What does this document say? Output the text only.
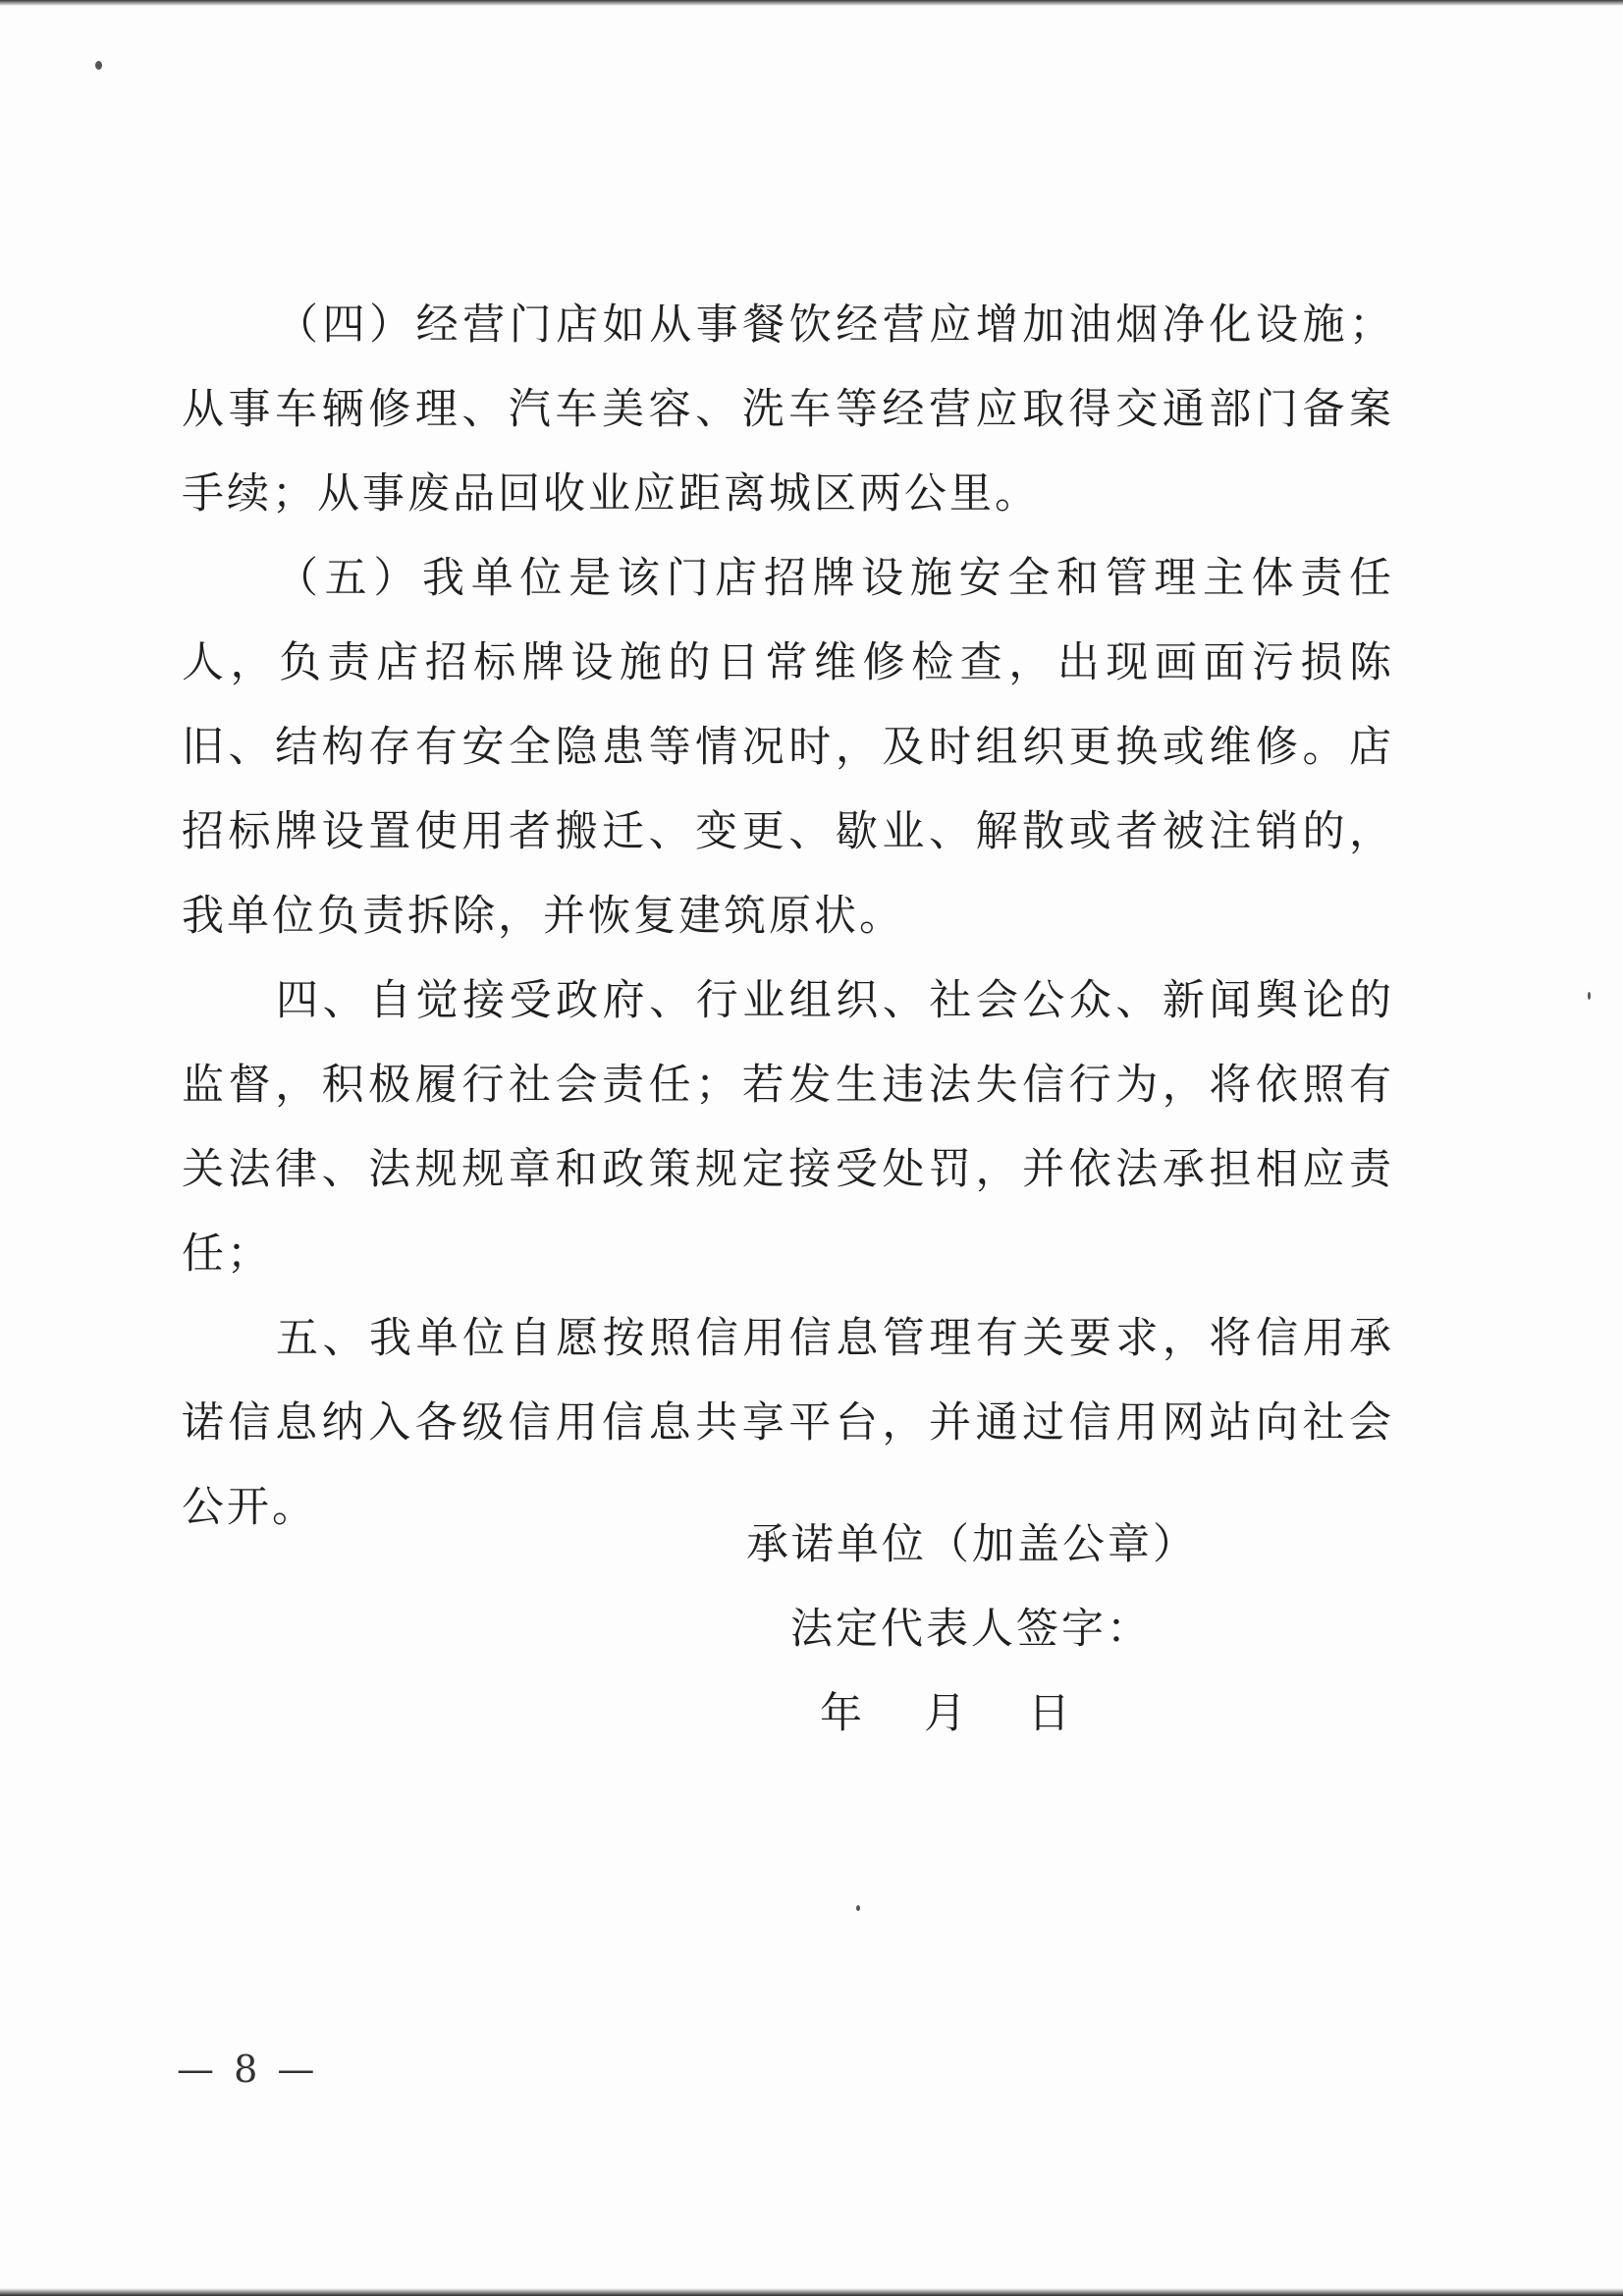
（四）经营门店如从事餐饮经营应增加油烟净化设施；从事车辆修理、汽车美容、洗车等经营应取得交通部门备案手续；从事废品回收业应距离城区两公里。

（五）我单位是该门店招牌设施安全和管理主体责任人，负责店招标牌设施的日常维修检查，出现画面污损陈旧、结构存有安全隐患等情况时，及时组织更换或维修。店招标牌设置使用者搬迁、变更、歇业、解散或者被注销的，我单位负责拆除，并恢复建筑原状。

四、自觉接受政府、行业组织、社会公众、新闻舆论的监督，积极履行社会责任；若发生违法失信行为，将依照有关法律、法规规章和政策规定接受处罚，并依法承担相应责任；

五、我单位自愿按照信用信息管理有关要求，将信用承诺信息纳入各级信用信息共享平台，并通过信用网站向社会公开。

承诺单位（加盖公章）

法定代表人签字：

年 月 日

— 8 —
